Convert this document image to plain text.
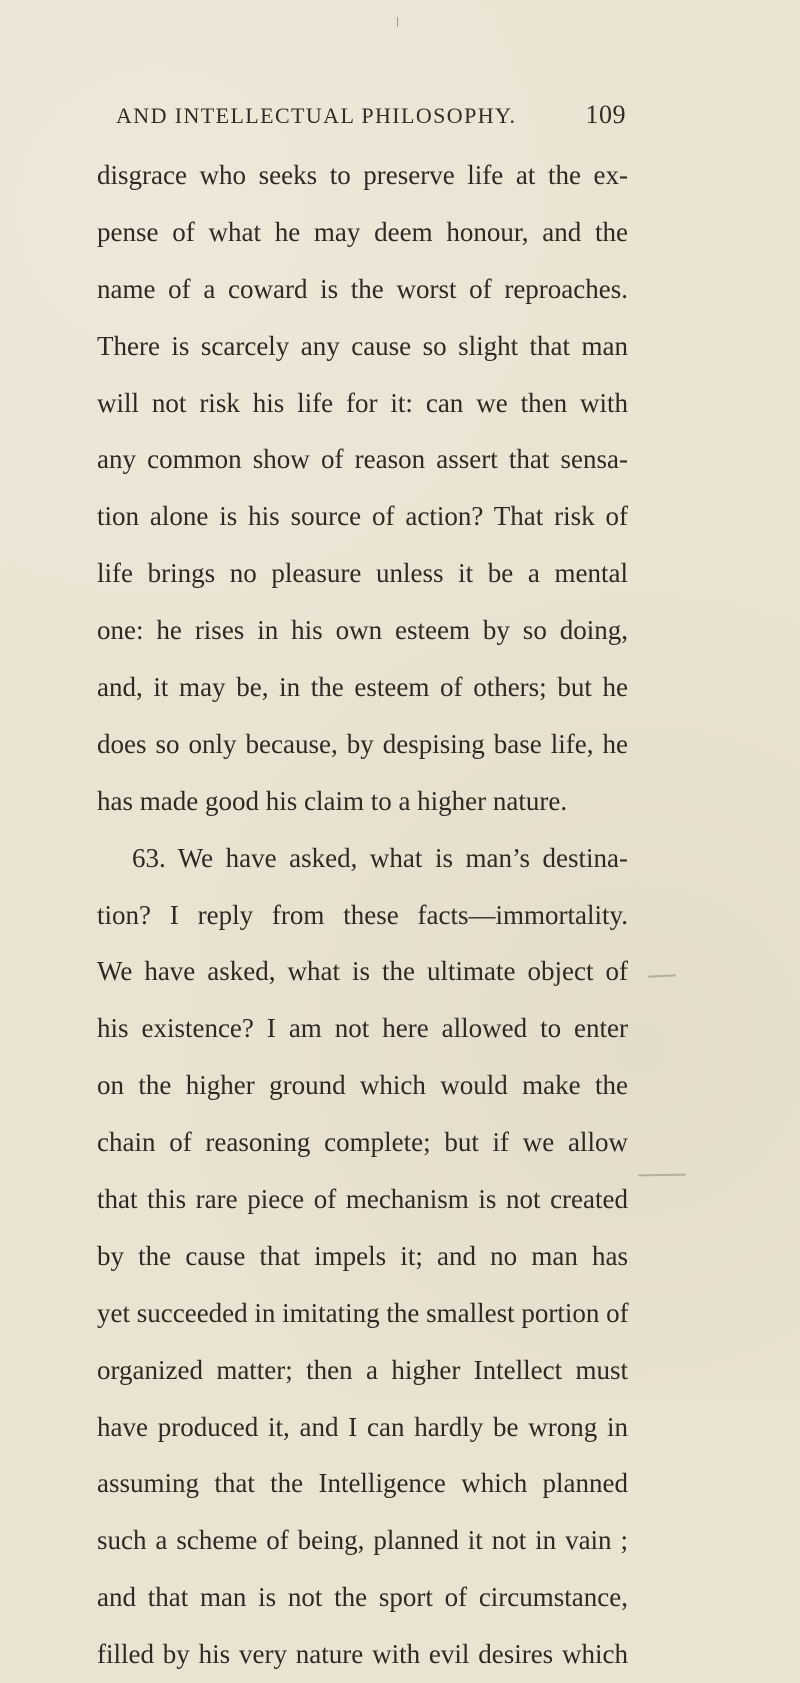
AND INTELLECTUAL PHILOSOPHY.	109
disgrace who seeks to preserve life at the ex-
pense of what he may deem honour, and the
name of a coward is the worst of reproaches.
There is scarcely any cause so slight that man
will not risk his life for it: can we then with
any common show of reason assert that sensa-
tion alone is his source of action? That risk of
life brings no pleasure unless it be a mental
one: he rises in his own esteem by so doing,
and, it may be, in the esteem of others; but he
does so only because, by despising base life, he
has made good his claim to a higher nature.
63. We have asked, what is man’s destina-
tion? I reply from these facts—immortality.
We have asked, what is the ultimate object of
his existence? I am not here allowed to enter
on the higher ground which would make the
chain of reasoning complete; but if we allow
that this rare piece of mechanism is not created
by the cause that impels it; and no man has
yet succeeded in imitating the smallest portion of
organized matter; then a higher Intellect must
have produced it, and I can hardly be wrong in
assuming that the Intelligence which planned
such a scheme of being, planned it not in vain ;
and that man is not the sport of circumstance,
filled by his very nature with evil desires which
